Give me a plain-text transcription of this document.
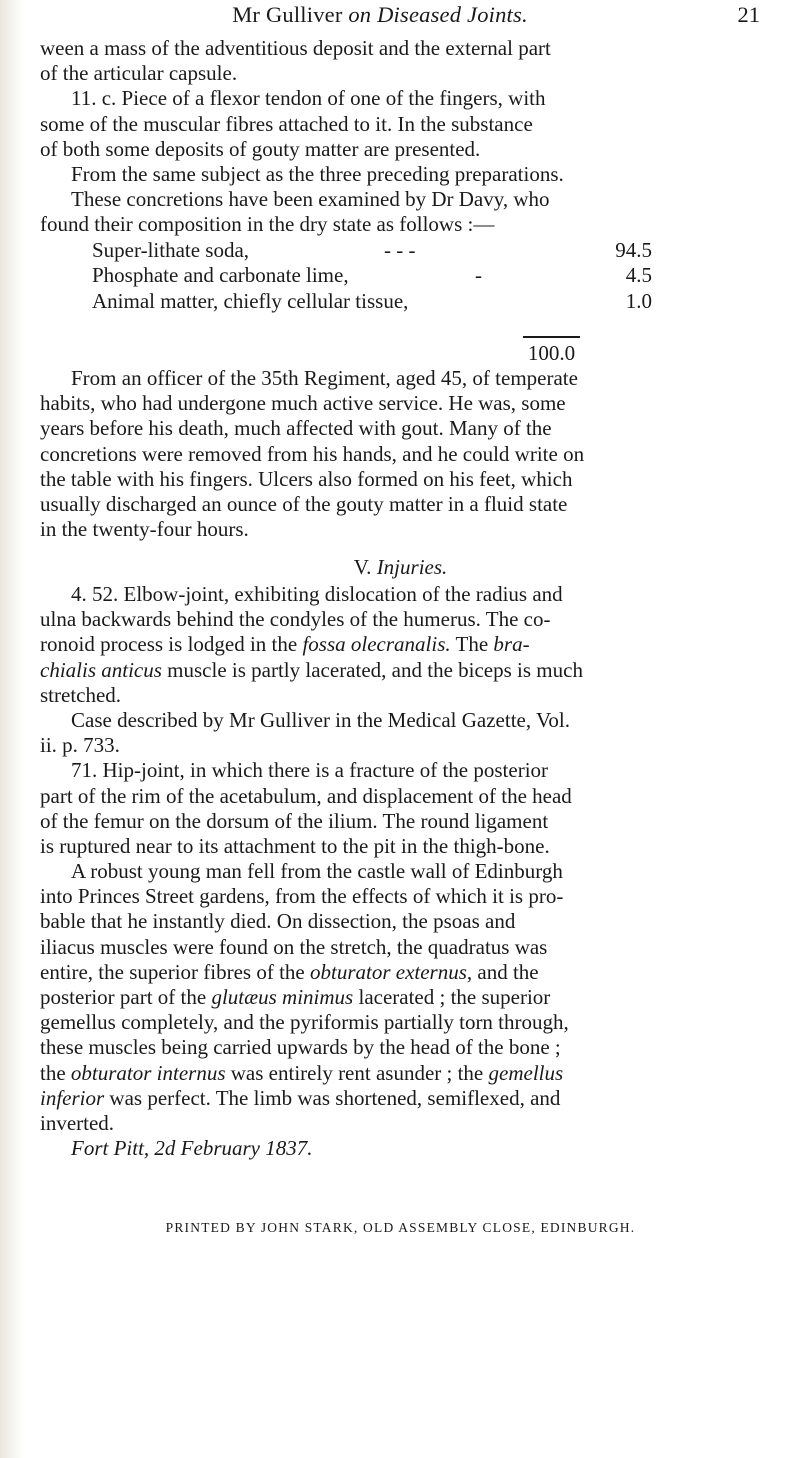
Mr Gulliver on Diseased Joints.	21
ween a mass of the adventitious deposit and the external part
of the articular capsule.
11. c. Piece of a flexor tendon of one of the fingers, with
some of the muscular fibres attached to it. In the substance
of both some deposits of gouty matter are presented.
From the same subject as the three preceding preparations.
These concretions have been examined by Dr Davy, who
found their composition in the dry state as follows :—
Super-lithate soda,	- - -	94.5
Phosphate and carbonate lime,	-	4.5
Animal matter, chiefly cellular tissue,	1.0
100.0
From an officer of the 35th Regiment, aged 45, of temperate
habits, who had undergone much active service. He was, some
years before his death, much affected with gout. Many of the
concretions were removed from his hands, and he could write on
the table with his fingers. Ulcers also formed on his feet, which
usually discharged an ounce of the gouty matter in a fluid state
in the twenty-four hours.
V. Injuries.
4. 52. Elbow-joint, exhibiting dislocation of the radius and
ulna backwards behind the condyles of the humerus. The co-
ronoid process is lodged in the fossa olecranalis. The bra-
chialis anticus muscle is partly lacerated, and the biceps is much
stretched.
Case described by Mr Gulliver in the Medical Gazette, Vol.
ii. p. 733.
71. Hip-joint, in which there is a fracture of the posterior
part of the rim of the acetabulum, and displacement of the head
of the femur on the dorsum of the ilium. The round ligament
is ruptured near to its attachment to the pit in the thigh-bone.
A robust young man fell from the castle wall of Edinburgh
into Princes Street gardens, from the effects of which it is pro-
bable that he instantly died. On dissection, the psoas and
iliacus muscles were found on the stretch, the quadratus was
entire, the superior fibres of the obturator externus, and the
posterior part of the glutæus minimus lacerated ; the superior
gemellus completely, and the pyriformis partially torn through,
these muscles being carried upwards by the head of the bone ;
the obturator internus was entirely rent asunder ; the gemellus
inferior was perfect. The limb was shortened, semiflexed, and
inverted.
Fort Pitt, 2d February 1837.
PRINTED BY JOHN STARK, OLD ASSEMBLY CLOSE, EDINBURGH.
